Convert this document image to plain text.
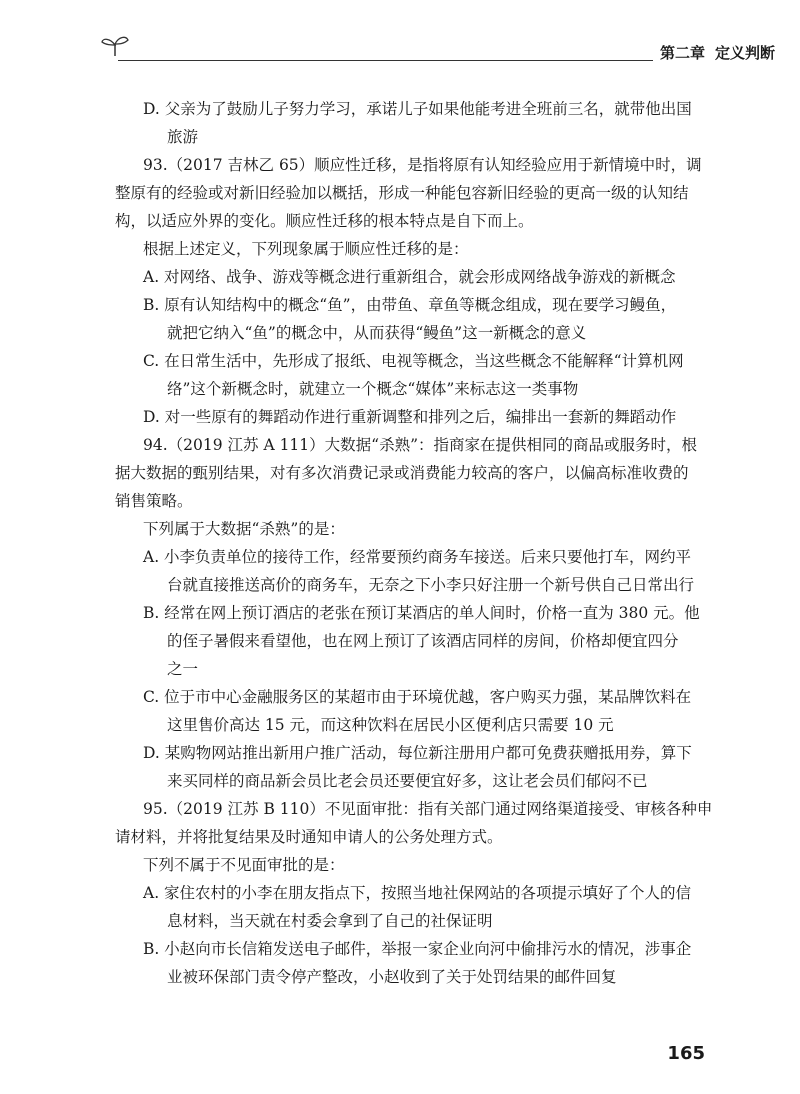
第二章 定义判断

D. 父亲为了鼓励儿子努力学习，承诺儿子如果他能考进全班前三名，就带他出国

旅游

93.（2017 吉林乙 65）顺应性迁移，是指将原有认知经验应用于新情境中时，调

整原有的经验或对新旧经验加以概括，形成一种能包容新旧经验的更高一级的认知结

构，以适应外界的变化。顺应性迁移的根本特点是自下而上。

根据上述定义，下列现象属于顺应性迁移的是：

A. 对网络、战争、游戏等概念进行重新组合，就会形成网络战争游戏的新概念

B. 原有认知结构中的概念“鱼”，由带鱼、章鱼等概念组成，现在要学习鳗鱼，

就把它纳入“鱼”的概念中，从而获得“鳗鱼”这一新概念的意义

C. 在日常生活中，先形成了报纸、电视等概念，当这些概念不能解释“计算机网

络”这个新概念时，就建立一个概念“媒体”来标志这一类事物

D. 对一些原有的舞蹈动作进行重新调整和排列之后，编排出一套新的舞蹈动作

94.（2019 江苏 A 111）大数据“杀熟”：指商家在提供相同的商品或服务时，根

据大数据的甄别结果，对有多次消费记录或消费能力较高的客户，以偏高标准收费的

销售策略。

下列属于大数据“杀熟”的是：

A. 小李负责单位的接待工作，经常要预约商务车接送。后来只要他打车，网约平

台就直接推送高价的商务车，无奈之下小李只好注册一个新号供自己日常出行

B. 经常在网上预订酒店的老张在预订某酒店的单人间时，价格一直为 380 元。他

的侄子暑假来看望他，也在网上预订了该酒店同样的房间，价格却便宜四分

之一

C. 位于市中心金融服务区的某超市由于环境优越，客户购买力强，某品牌饮料在

这里售价高达 15 元，而这种饮料在居民小区便利店只需要 10 元

D. 某购物网站推出新用户推广活动，每位新注册用户都可免费获赠抵用券，算下

来买同样的商品新会员比老会员还要便宜好多，这让老会员们郁闷不已

95.（2019 江苏 B 110）不见面审批：指有关部门通过网络渠道接受、审核各种申

请材料，并将批复结果及时通知申请人的公务处理方式。

下列不属于不见面审批的是：

A. 家住农村的小李在朋友指点下，按照当地社保网站的各项提示填好了个人的信

息材料，当天就在村委会拿到了自己的社保证明

B. 小赵向市长信箱发送电子邮件，举报一家企业向河中偷排污水的情况，涉事企

业被环保部门责令停产整改，小赵收到了关于处罚结果的邮件回复

165
